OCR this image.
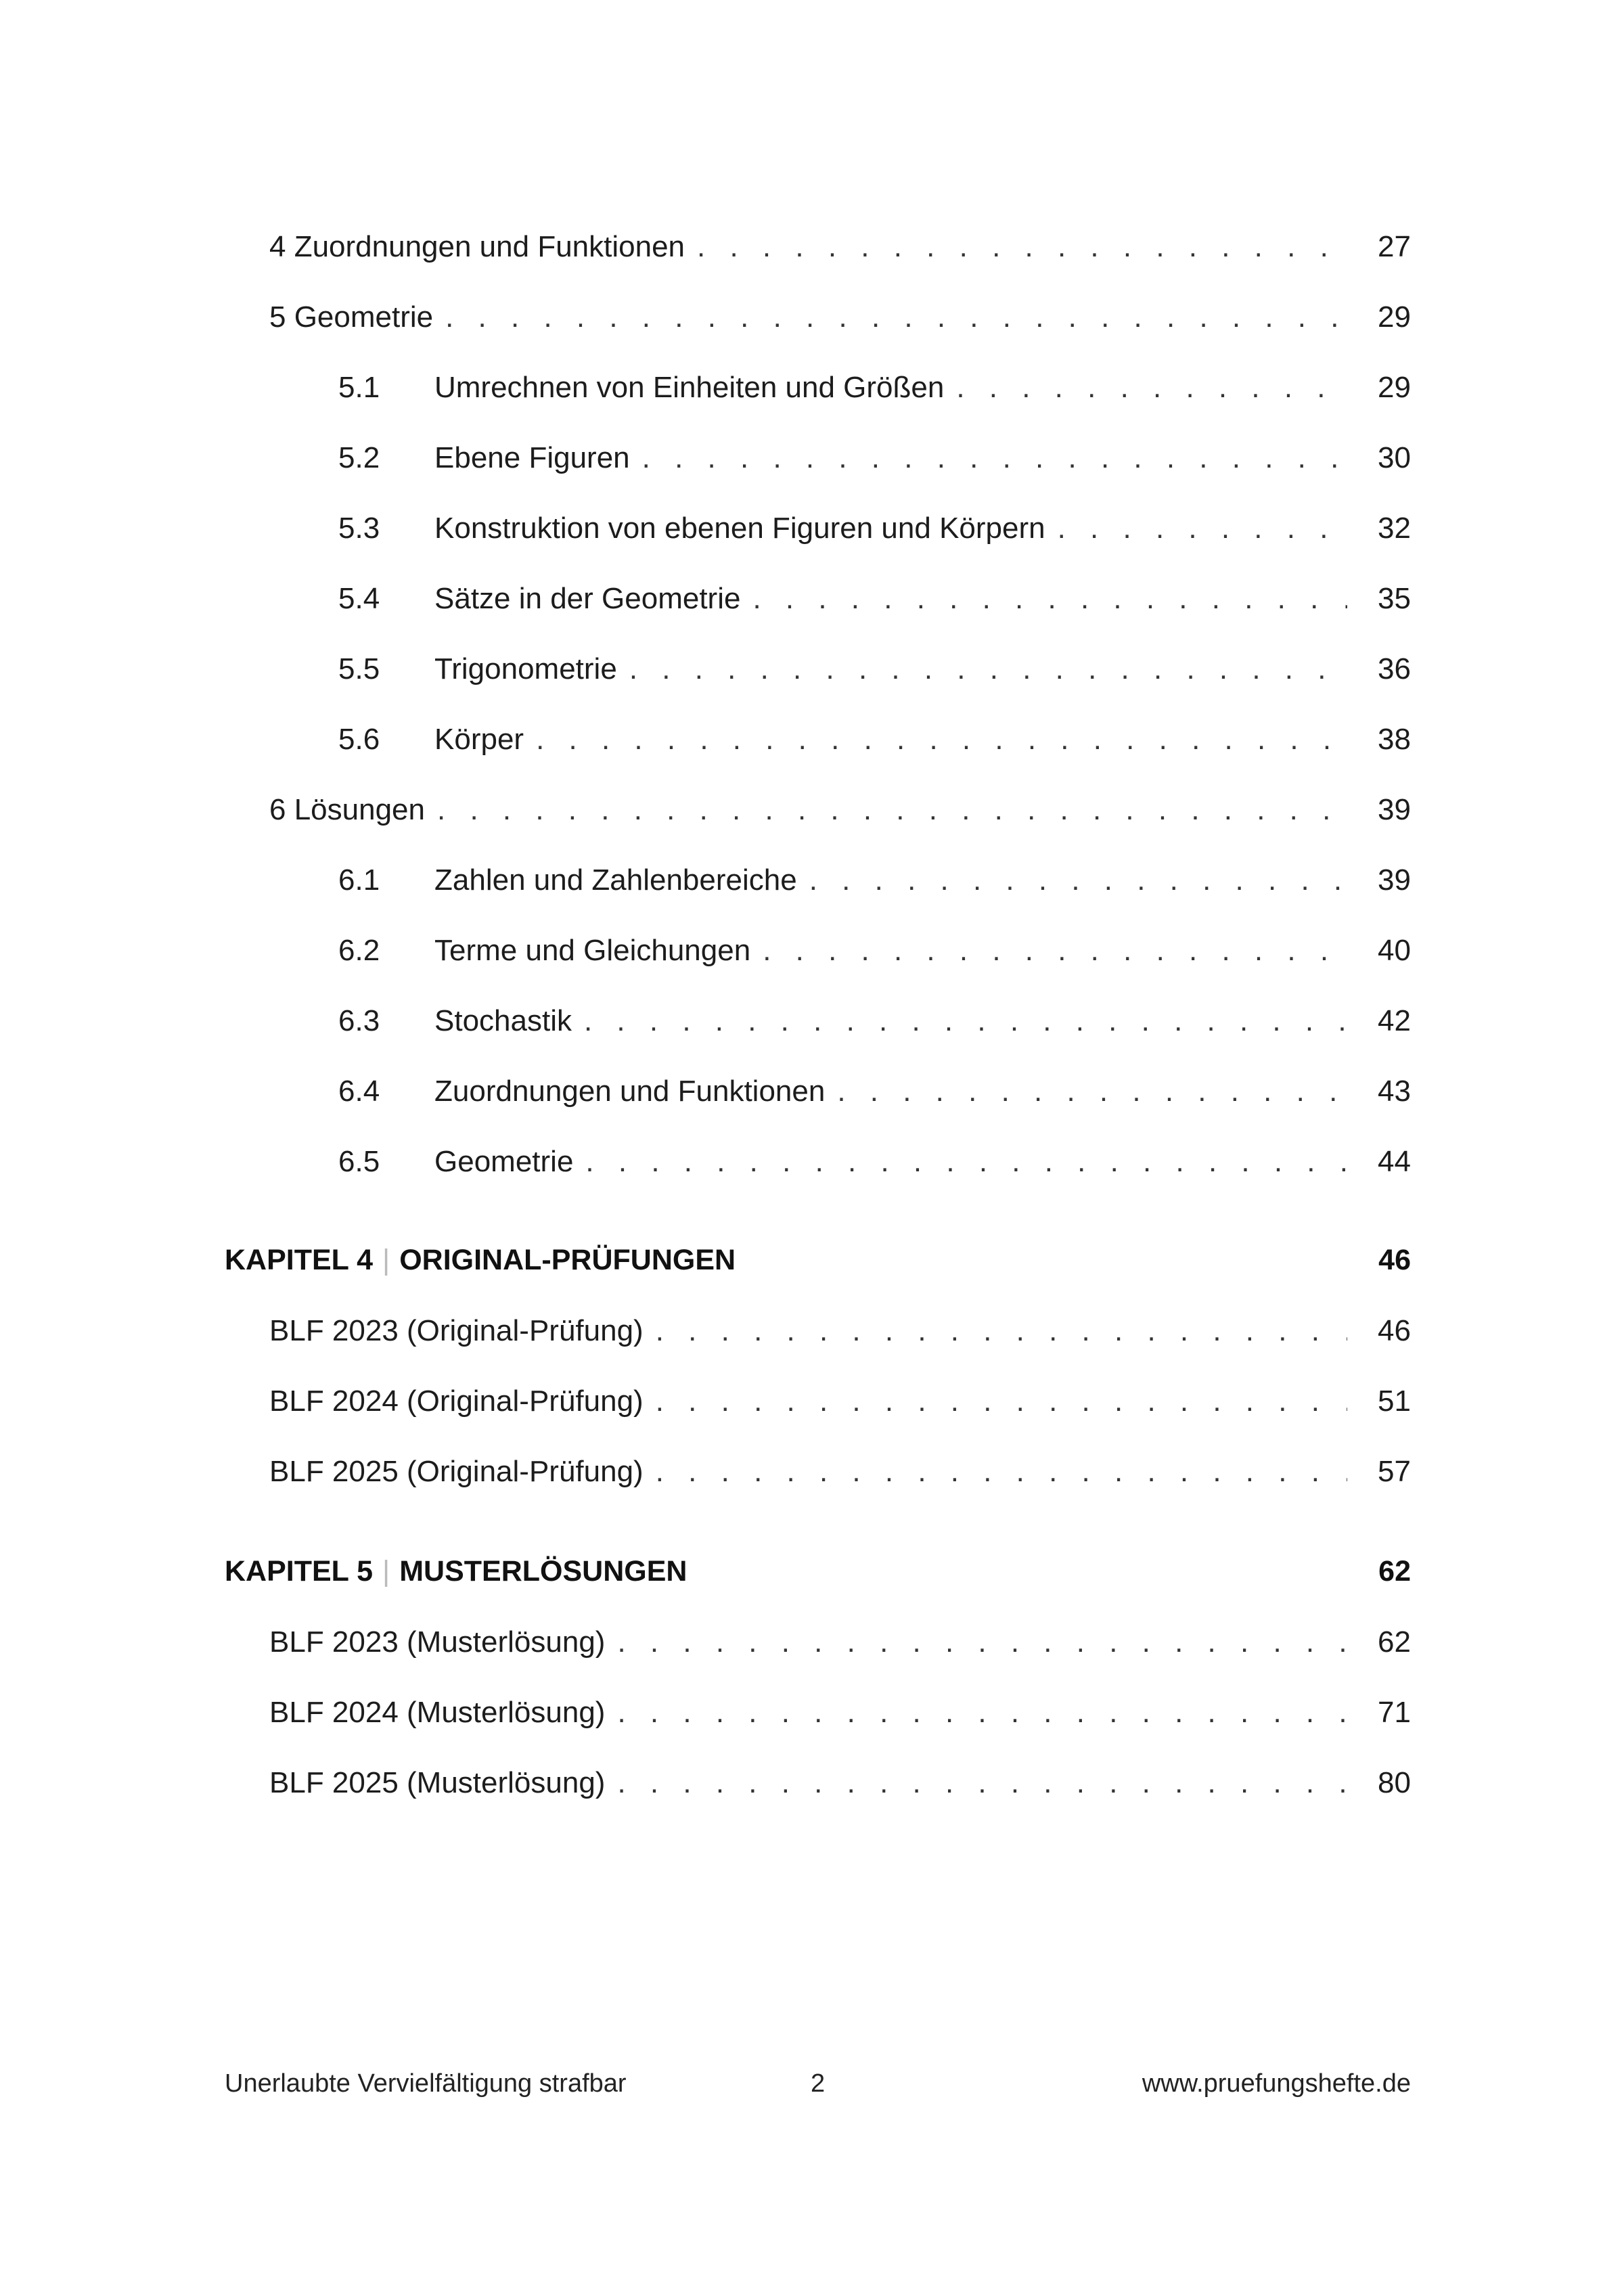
4 Zuordnungen und Funktionen . . .	27
5 Geometrie . . .	29
5.1 Umrechnen von Einheiten und Größen . . .	29
5.2 Ebene Figuren . . .	30
5.3 Konstruktion von ebenen Figuren und Körpern . . .	32
5.4 Sätze in der Geometrie . . .	35
5.5 Trigonometrie . . .	36
5.6 Körper . . .	38
6 Lösungen . . .	39
6.1 Zahlen und Zahlenbereiche . . .	39
6.2 Terme und Gleichungen . . .	40
6.3 Stochastik . . .	42
6.4 Zuordnungen und Funktionen . . .	43
6.5 Geometrie . . .	44
KAPITEL 4 | ORIGINAL-PRÜFUNGEN	46
BLF 2023 (Original-Prüfung) . . .	46
BLF 2024 (Original-Prüfung) . . .	51
BLF 2025 (Original-Prüfung) . . .	57
KAPITEL 5 | MUSTERLÖSUNGEN	62
BLF 2023 (Musterlösung) . . .	62
BLF 2024 (Musterlösung) . . .	71
BLF 2025 (Musterlösung) . . .	80
Unerlaubte Vervielfältigung strafbar	2	www.pruefungshefte.de
